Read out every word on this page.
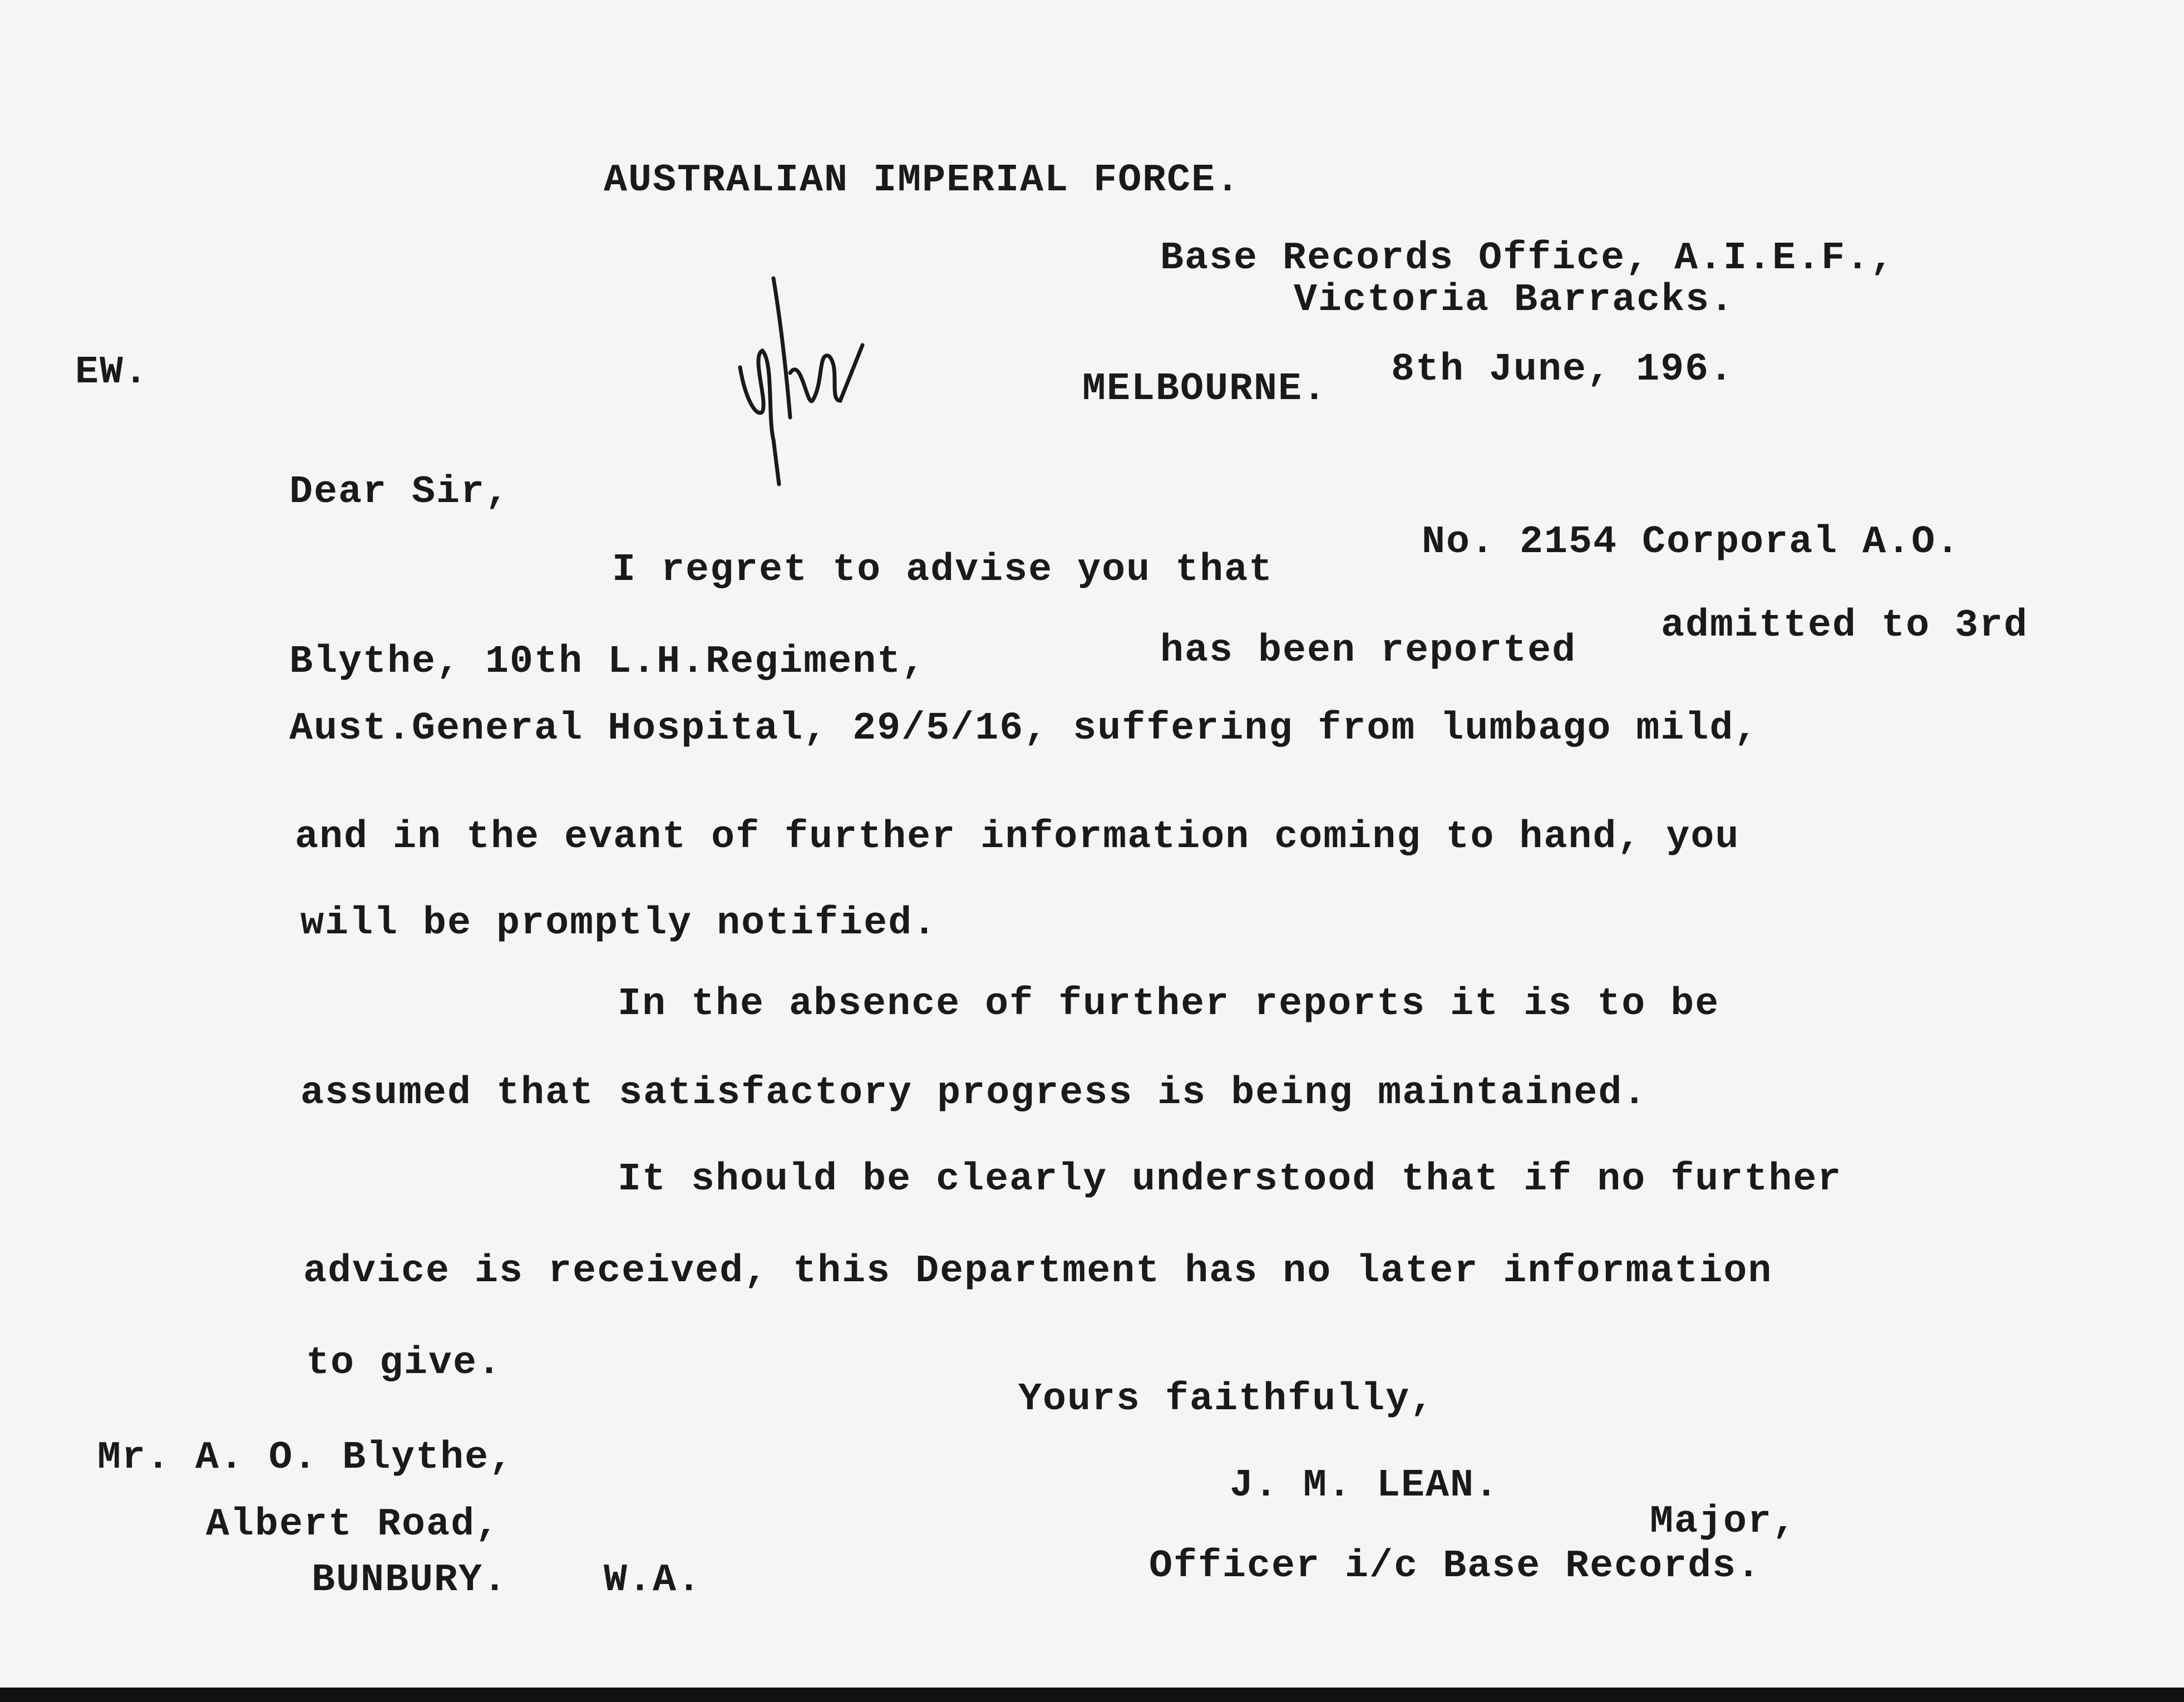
AUSTRALIAN IMPERIAL FORCE.
Base Records Office, A.I.E.F.,
Victoria Barracks.
MELBOURNE. 8th June, 196.
EW.
Dear Sir,
I regret to advise you that
No. 2154 Corporal A.O.
Blythe, 10th L.H.Regiment,	has been reported
admitted to 3rd
Aust.General Hospital, 29/5/16, suffering from lumbago mild,
and in the evant of further information coming to hand, you
will be promptly notified.
In the absence of further reports it is to be
assumed that satisfactory progress is being maintained.
It should be clearly understood that if no further
advice is received, this Department has no later information
to give.
Yours faithfully,
J. M. LEAN.
Major,
Officer i/c Base Records.
Mr. A. O. Blythe,
Albert Road,
BUNBURY. W.A.
